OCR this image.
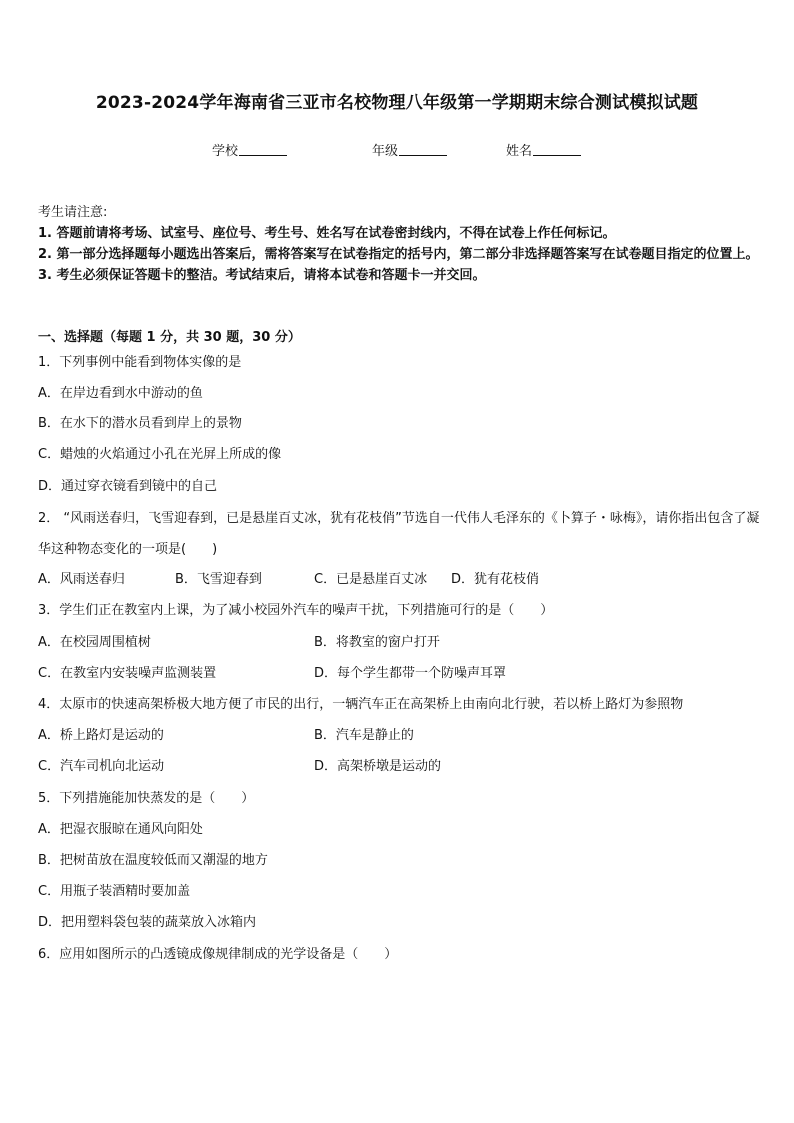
2023-2024学年海南省三亚市名校物理八年级第一学期期末综合测试模拟试题
学校	年级	姓名
考生请注意:
1. 答题前请将考场、试室号、座位号、考生号、姓名写在试卷密封线内，不得在试卷上作任何标记。
2. 第一部分选择题每小题选出答案后，需将答案写在试卷指定的括号内，第二部分非选择题答案写在试卷题目指定的位置上。
3. 考生必须保证答题卡的整洁。考试结束后，请将本试卷和答题卡一并交回。
一、选择题（每题 1 分，共 30 题，30 分）
1．下列事例中能看到物体实像的是
A．在岸边看到水中游动的鱼
B．在水下的潜水员看到岸上的景物
C．蜡烛的火焰通过小孔在光屏上所成的像
D．通过穿衣镜看到镜中的自己
2． “风雨送春归，飞雪迎春到，已是悬崖百丈冰，犹有花枝俏”节选自一代伟人毛泽东的《卜算子・咏梅》，请你指出包含了凝华这种物态变化的一项是(　　)
A．风雨送春归	B．飞雪迎春到	C．已是悬崖百丈冰 D．犹有花枝俏
3．学生们正在教室内上课，为了减小校园外汽车的噪声干扰，下列措施可行的是（　　）
A．在校园周围植树	B．将教室的窗户打开
C．在教室内安装噪声监测装置	D．每个学生都带一个防噪声耳罩
4．太原市的快速高架桥极大地方便了市民的出行，一辆汽车正在高架桥上由南向北行驶，若以桥上路灯为参照物
A．桥上路灯是运动的	B．汽车是静止的
C．汽车司机向北运动	D．高架桥墩是运动的
5．下列措施能加快蒸发的是（　　）
A．把湿衣服晾在通风向阳处
B．把树苗放在温度较低而又潮湿的地方
C．用瓶子装酒精时要加盖
D．把用塑料袋包装的蔬菜放入冰箱内
6．应用如图所示的凸透镜成像规律制成的光学设备是（　　）
